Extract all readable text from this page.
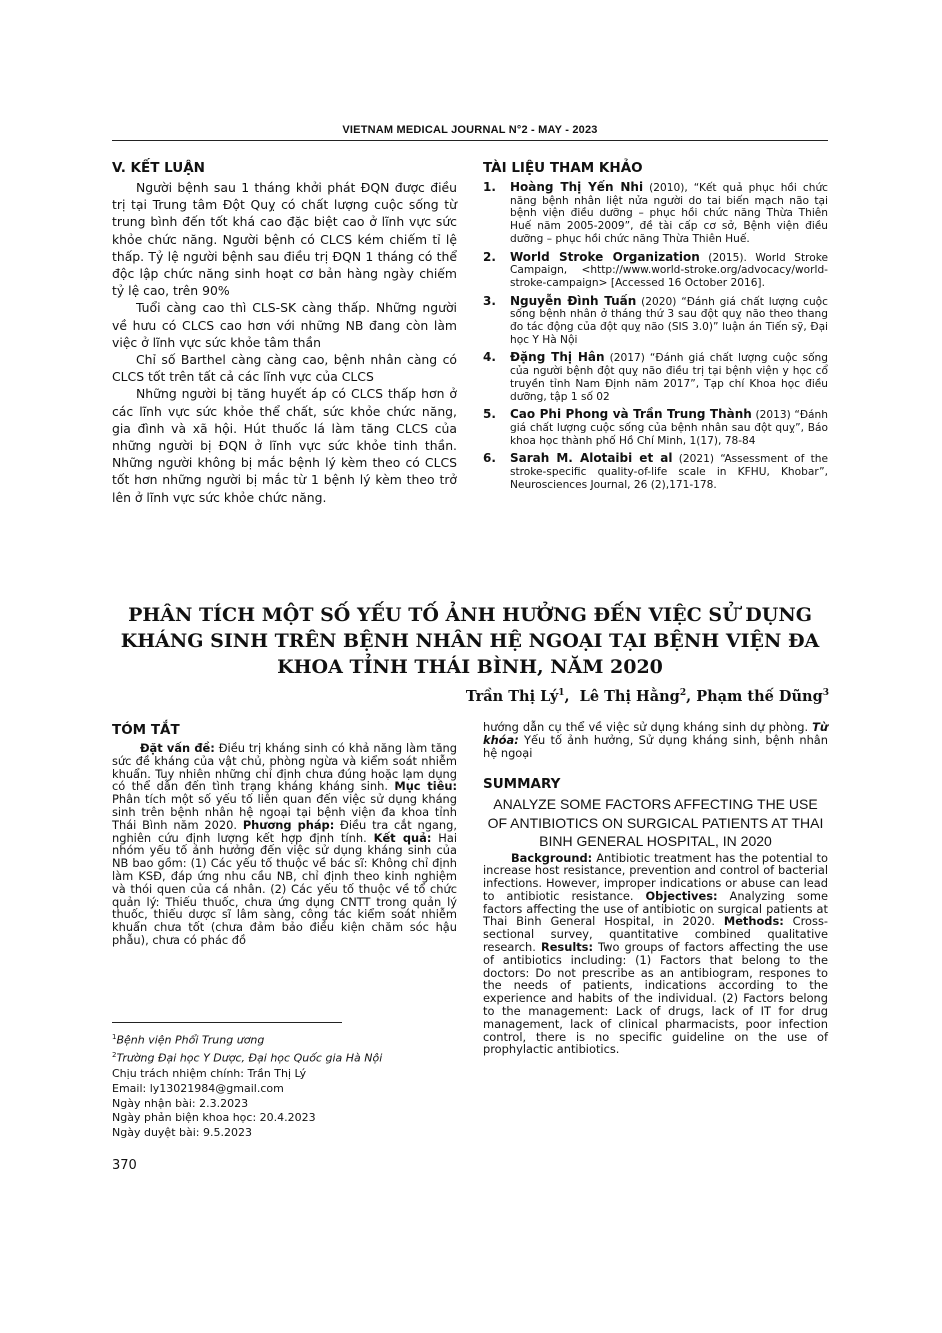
VIETNAM MEDICAL JOURNAL N°2 - MAY - 2023
V. KẾT LUẬN

Người bệnh sau 1 tháng khởi phát ĐQN được điều trị tại Trung tâm Đột Quỵ có chất lượng cuộc sống từ trung bình đến tốt khá cao đặc biệt cao ở lĩnh vực sức khỏe chức năng. Người bệnh có CLCS kém chiếm tỉ lệ thấp. Tỷ lệ người bệnh sau điều trị ĐQN 1 tháng có thể độc lập chức năng sinh hoạt cơ bản hàng ngày chiếm tỷ lệ cao, trên 90%

Tuổi càng cao thì CLS-SK càng thấp. Những người về hưu có CLCS cao hơn với những NB đang còn làm việc ở lĩnh vực sức khỏe tâm thần

Chỉ số Barthel càng càng cao, bệnh nhân càng có CLCS tốt trên tất cả các lĩnh vực của CLCS

Những người bị tăng huyết áp có CLCS thấp hơn ở các lĩnh vực sức khỏe thể chất, sức khỏe chức năng, gia đình và xã hội. Hút thuốc lá làm tăng CLCS của những người bị ĐQN ở lĩnh vực sức khỏe tinh thần. Những người không bị mắc bệnh lý kèm theo có CLCS tốt hơn những người bị mắc từ 1 bệnh lý kèm theo trở lên ở lĩnh vực sức khỏe chức năng.

TÀI LIỆU THAM KHẢO
1. Hoàng Thị Yến Nhi (2010), “Kết quả phục hồi chức năng bệnh nhân liệt nửa người do tai biến mạch não tại bệnh viện điều dưỡng – phục hồi chức năng Thừa Thiên Huế năm 2005-2009”, đề tài cấp cơ sở, Bệnh viện điều dưỡng – phục hồi chức năng Thừa Thiên Huế.
2. World Stroke Organization (2015). World Stroke Campaign, <http://www.world-stroke.org/advocacy/world-stroke-campaign> [Accessed 16 October 2016].
3. Nguyễn Đình Tuấn (2020) “Đánh giá chất lượng cuộc sống bệnh nhân ở tháng thứ 3 sau đột quỵ não theo thang đo tác động của đột quỵ não (SIS 3.0)” luận án Tiến sỹ, Đại học Y Hà Nội
4. Đặng Thị Hân (2017) “Đánh giá chất lượng cuộc sống của người bệnh đột quỵ não điều trị tại bệnh viện y học cổ truyền tỉnh Nam Định năm 2017”, Tạp chí Khoa học điều dưỡng, tập 1 số 02
5. Cao Phi Phong và Trần Trung Thành (2013) “Đánh giá chất lượng cuộc sống của bệnh nhân sau đột quỵ”, Báo khoa học thành phố Hồ Chí Minh, 1(17), 78-84
6. Sarah M. Alotaibi et al (2021) “Assessment of the stroke-specific quality-of-life scale in KFHU, Khobar”, Neurosciences Journal, 26 (2),171-178.
PHÂN TÍCH MỘT SỐ YẾU TỐ ẢNH HƯỞNG ĐẾN VIỆC SỬ DỤNG KHÁNG SINH TRÊN BỆNH NHÂN HỆ NGOẠI TẠI BỆNH VIỆN ĐA KHOA TỈNH THÁI BÌNH, NĂM 2020
Trần Thị $Lý^1$,  Lê Thị Hằng$^2$, Phạm thế Dũng$^3$
TÓM TẮT

Đặt vấn đề: Điều trị kháng sinh có khả năng làm tăng sức đề kháng của vật chủ, phòng ngừa và kiểm soát nhiễm khuẩn. Tuy nhiên những chỉ định chưa đúng hoặc lạm dụng có thể dẫn đến tình trạng kháng kháng sinh. Mục tiêu: Phân tích một số yếu tố liên quan đến việc sử dụng kháng sinh trên bệnh nhân hệ ngoại tại bệnh viện đa khoa tỉnh Thái Bình năm 2020. Phương pháp: Điều tra cắt ngang, nghiên cứu định lượng kết hợp định tính. Kết quả: Hai nhóm yếu tố ảnh hưởng đến việc sử dụng kháng sinh của NB bao gồm: (1) Các yếu tố thuộc về bác sĩ: Không chỉ định làm KSĐ, đáp ứng nhu cầu NB, chỉ định theo kinh nghiệm và thói quen của cá nhân. (2) Các yếu tố thuộc về tổ chức quản lý: Thiếu thuốc, chưa ứng dụng CNTT trong quản lý thuốc, thiếu dược sĩ lâm sàng, công tác kiểm soát nhiễm khuẩn chưa tốt (chưa đảm bảo điều kiện chăm sóc hậu phẫu), chưa có phác đồ

$^1$Bệnh viện Phổi Trung ương
$^2$Trường Đại học Y Dược, Đại học Quốc gia Hà Nội
Chịu trách nhiệm chính: Trần Thị Lý
Email: ly13021984@gmail.com
Ngày nhận bài: 2.3.2023
Ngày phản biện khoa học: 20.4.2023
Ngày duyệt bài: 9.5.2023

hướng dẫn cụ thể về việc sử dụng kháng sinh dự phòng. Từ khóa: Yếu tố ảnh hưởng, Sử dụng kháng sinh, bệnh nhân hệ ngoại

SUMMARY
ANALYZE SOME FACTORS AFFECTING THE USE OF ANTIBIOTICS ON SURGICAL PATIENTS AT THAI BINH GENERAL HOSPITAL, IN 2020

Background: Antibiotic treatment has the potential to increase host resistance, prevention and control of bacterial infections. However, improper indications or abuse can lead to antibiotic resistance. Objectives: Analyzing some factors affecting the use of antibiotic on surgical patients at Thai Binh General Hospital, in 2020. Methods: Cross-sectional survey, quantitative combined qualitative research. Results: Two groups of factors affecting the use of antibiotics including: (1) Factors that belong to the doctors: Do not prescribe as an antibiogram, respones to the needs of patients, indications according to the experience and habits of the individual. (2) Factors belong to the management: Lack of drugs, lack of IT for drug management, lack of clinical pharmacists, poor infection control, there is no specific guideline on the use of prophylactic antibiotics.

370
